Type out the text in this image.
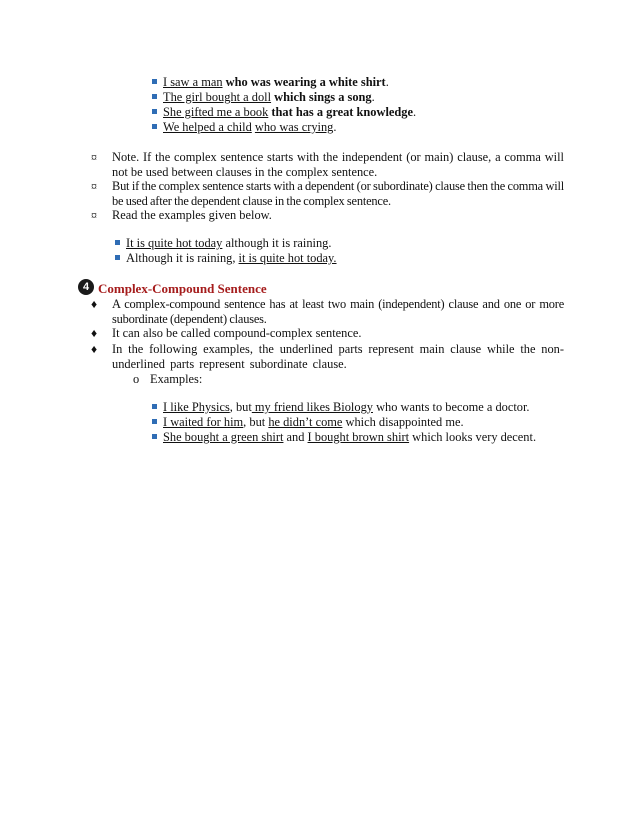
I saw a man who was wearing a white shirt.
The girl bought a doll which sings a song.
She gifted me a book that has a great knowledge.
We helped a child who was crying.
¤ Note. If the complex sentence starts with the independent (or main) clause, a comma will not be used between clauses in the complex sentence.
¤ But if the complex sentence starts with a dependent (or subordinate) clause then the comma will be used after the dependent clause in the complex sentence.
¤ Read the examples given below.
It is quite hot today although it is raining.
Although it is raining, it is quite hot today.
4 Complex-Compound Sentence
♦ A complex-compound sentence has at least two main (independent) clause and one or more subordinate (dependent) clauses.
♦ It can also be called compound-complex sentence.
♦ In the following examples, the underlined parts represent main clause while the non-underlined parts represent subordinate clause.
o Examples:
I like Physics, but my friend likes Biology who wants to become a doctor.
I waited for him, but he didn’t come which disappointed me.
She bought a green shirt and I bought brown shirt which looks very decent.
